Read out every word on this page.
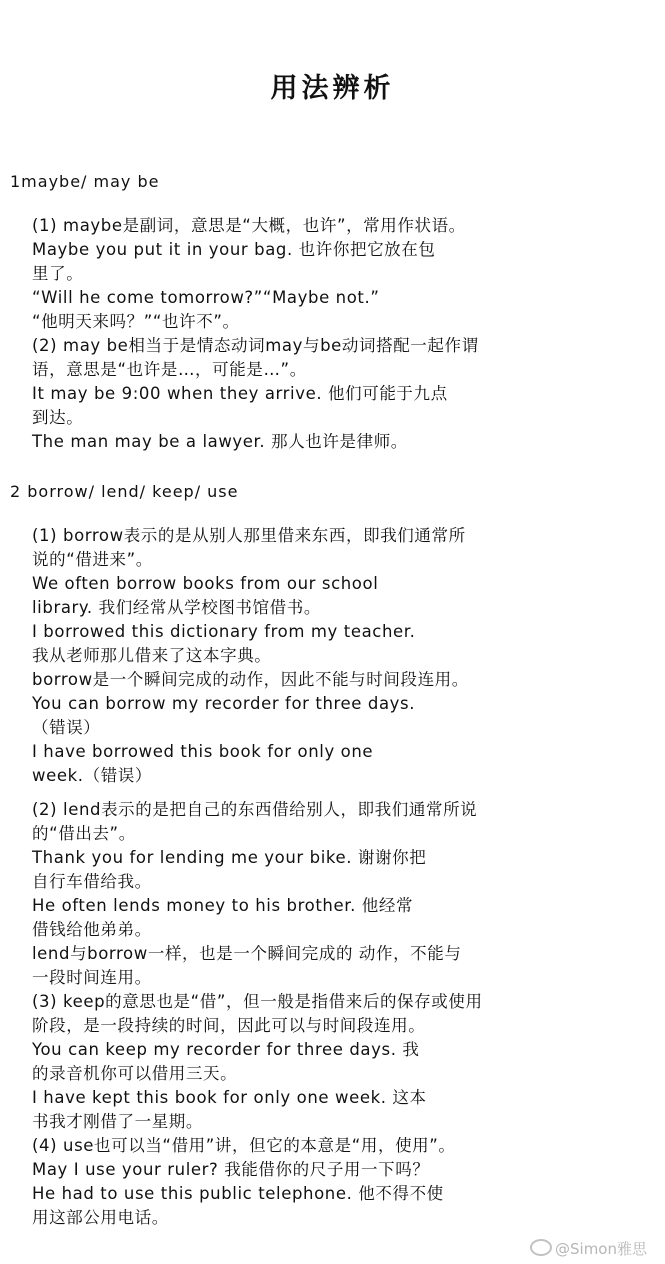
用法辨析
1maybe/ may be
(1) maybe是副词，意思是“大概，也许”，常用作状语。
Maybe you put it in your bag. 也许你把它放在包
里了。
“Will he come tomorrow?”“Maybe not.”
“他明天来吗？”“也许不”。
(2) may be相当于是情态动词may与be动词搭配一起作谓
语，意思是“也许是…，可能是…”。
It may be 9:00 when they arrive. 他们可能于九点
到达。
The man may be a lawyer. 那人也许是律师。
2 borrow/ lend/ keep/ use
(1) borrow表示的是从别人那里借来东西，即我们通常所
说的“借进来”。
We often borrow books from our school
library. 我们经常从学校图书馆借书。
I borrowed this dictionary from my teacher.
我从老师那儿借来了这本字典。
borrow是一个瞬间完成的动作，因此不能与时间段连用。
You can borrow my recorder for three days.
（错误）
I have borrowed this book for only one
week.（错误）
(2) lend表示的是把自己的东西借给别人，即我们通常所说
的“借出去”。
Thank you for lending me your bike. 谢谢你把
自行车借给我。
He often lends money to his brother. 他经常
借钱给他弟弟。
lend与borrow一样，也是一个瞬间完成的 动作，不能与
一段时间连用。
(3) keep的意思也是“借”，但一般是指借来后的保存或使用
阶段，是一段持续的时间，因此可以与时间段连用。
You can keep my recorder for three days. 我
的录音机你可以借用三天。
I have kept this book for only one week. 这本
书我才刚借了一星期。
(4) use也可以当“借用”讲，但它的本意是“用，使用”。
May I use your ruler? 我能借你的尺子用一下吗？
He had to use this public telephone. 他不得不使
用这部公用电话。
@Simon雅思
